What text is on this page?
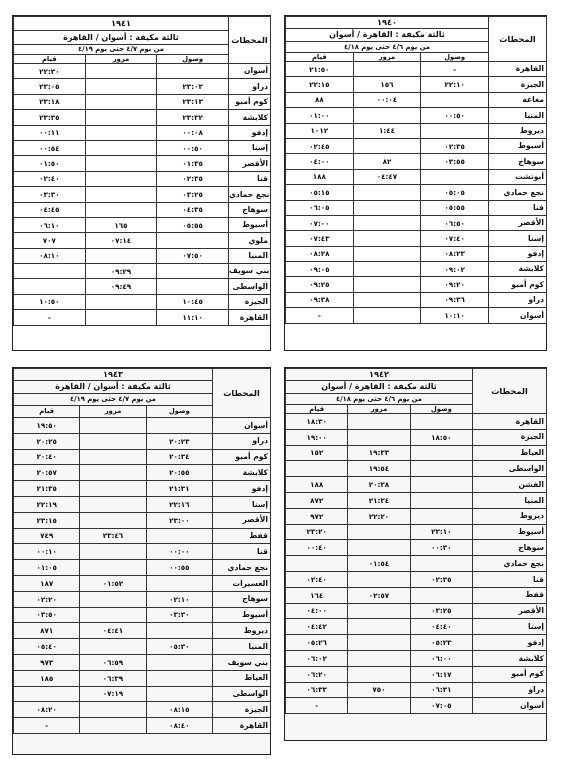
١٩٤١			المحطات
ثالثة مكيفة : أسوان / القاهرة			
من يوم ٤/٧ حتى يوم ٤/١٩			
قيام	مرور	وصول	
٢٢:٣٠			أسوان
٢٣:٠٥		٢٣:٠٣	دراو
٢٣:١٨		٢٣:١٣	كوم أمبو
٢٣:٣٥		٢٣:٣٢	كلابشة
٠٠:١١		٠٠:٠٨	إدفو
٠٠:٥٤		٠٠:٥٠	إسنا
٠١:٥٠		٠١:٣٥	الأقصر
٠٢:٤٠		٠٢:٣٥	قنا
٠٣:٣٠		٠٣:٢٥	نجع حمادي
٠٤:٤٥		٠٤:٣٥	سوهاج
٠٦:١٠	١٦٥	٠٥:٥٥	أسيوط
٧٠٧	٠٧:١٤		ملوي
٠٨:١٠		٠٧:٥٠	المنيا
	٠٩:٢٩		بني سويف
	٠٩:٤٩		الواسطى
١٠:٥٠		١٠:٤٥	الجيزة
-		١١:١٠	القاهرة
١٩٤٠			المحطات
ثالثة مكيفة : القاهرة / أسوان			
من يوم ٤/٦ حتى يوم ٤/١٨			
قيام	مرور	وصول	
٢١:٥٠		-	القاهرة
٢٢:١٥	١٥٦	٢٢:١٠	الجيزة
٨٨	٠٠:٠٤		مغاغة
٠١:٠٠		٠٠:٥٠	المنيا
١٠١٢	١:٤٤		ديروط
٠٢:٤٥		٠٢:٣٥	أسيوط
٠٤:٠٠	٨٢	٠٣:٥٥	سوهاج
١٨٨	٠٤:٤٧		أبوتشت
٠٥:١٥		٠٥:٠٥	نجع حمادي
٠٦:٠٥		٠٥:٥٥	قنا
٠٧:٠٠		٠٦:٥٠	الأقصر
٠٧:٤٣		٠٧:٤٠	إسنا
٠٨:٢٨		٠٨:٢٣	إدفو
٠٩:٠٥		٠٩:٠٢	كلابشة
٠٩:٢٥		٠٩:٢٠	كوم أمبو
٠٩:٣٨		٠٩:٣٦	دراو
-		١٠:١٠	أسوان
١٩٤٣			المحطات
ثالثة مكيفة : أسوان / القاهرة			
من يوم ٤/٧ حتى يوم ٤/١٩			
قيام	مرور	وصول	
١٩:٥٠			أسوان
٢٠:٢٥		٢٠:٢٣	دراو
٢٠:٤٠		٢٠:٣٤	كوم أمبو
٢٠:٥٧		٢٠:٥٥	كلابشة
٢١:٣٥		٢١:٣١	إدفو
٢٢:١٩		٢٢:١٦	إسنا
٢٣:١٥		٢٣:٠٠	الأقصر
٧٤٩	٢٣:٤٦		قفط
٠٠:١٠		٠٠:٠٠	قنا
٠١:٠٥		٠٠:٥٥	نجع حمادي
١٨٧	٠١:٥٢		العسيرات
٠٢:٢٠		٠٢:١٠	سوهاج
٠٣:٥٠		٠٣:٣٠	أسيوط
٨٧١	٠٤:٤١		ديروط
٠٥:٤٠		٠٥:٣٠	المنيا
٩٧٣	٠٦:٥٩		بني سويف
١٨٥	٠٦:٣٩		العياط
	٠٧:١٩		الواسطى
٠٨:٢٠		٠٨:١٥	الجيزة
-		٠٨:٤٠	القاهرة
١٩٤٢			المحطات
ثالثة مكيفة : القاهرة / أسوان			
من يوم ٤/٦ حتى يوم ٤/١٨			
قيام	مرور	وصول	
١٨:٣٠			القاهرة
١٩:٠٠		١٨:٥٠	الجيزة
١٥٢	١٩:٣٣		العياط
	١٩:٥٤		الواسطى
١٨٨	٢٠:٣٨		الفشن
٨٧٢	٢١:٣٤		المنيا
٩٧٢	٢٢:٢٠		ديروط
٢٣:٢٠		٢٣:١٠	أسيوط
٠٠:٤٠		٠٠:٣٠	سوهاج
	٠١:٥٤		نجع حمادي
٠٢:٤٠		٠٢:٣٥	قنا
١٦٤	٠٢:٥٧		قفط
٠٤:٠٠		٠٣:٢٥	الأقصر
٠٤:٤٢		٠٤:٤٠	إسنا
٠٥:٢٦		٠٥:٢٣	إدفو
٠٦:٠٢		٠٦:٠٠	كلابشة
٠٦:٢٠		٠٦:١٧	كوم أمبو
٠٦:٣٣	٧٥٠	٠٦:٣١	دراو
-		٠٧:٠٥	أسوان
